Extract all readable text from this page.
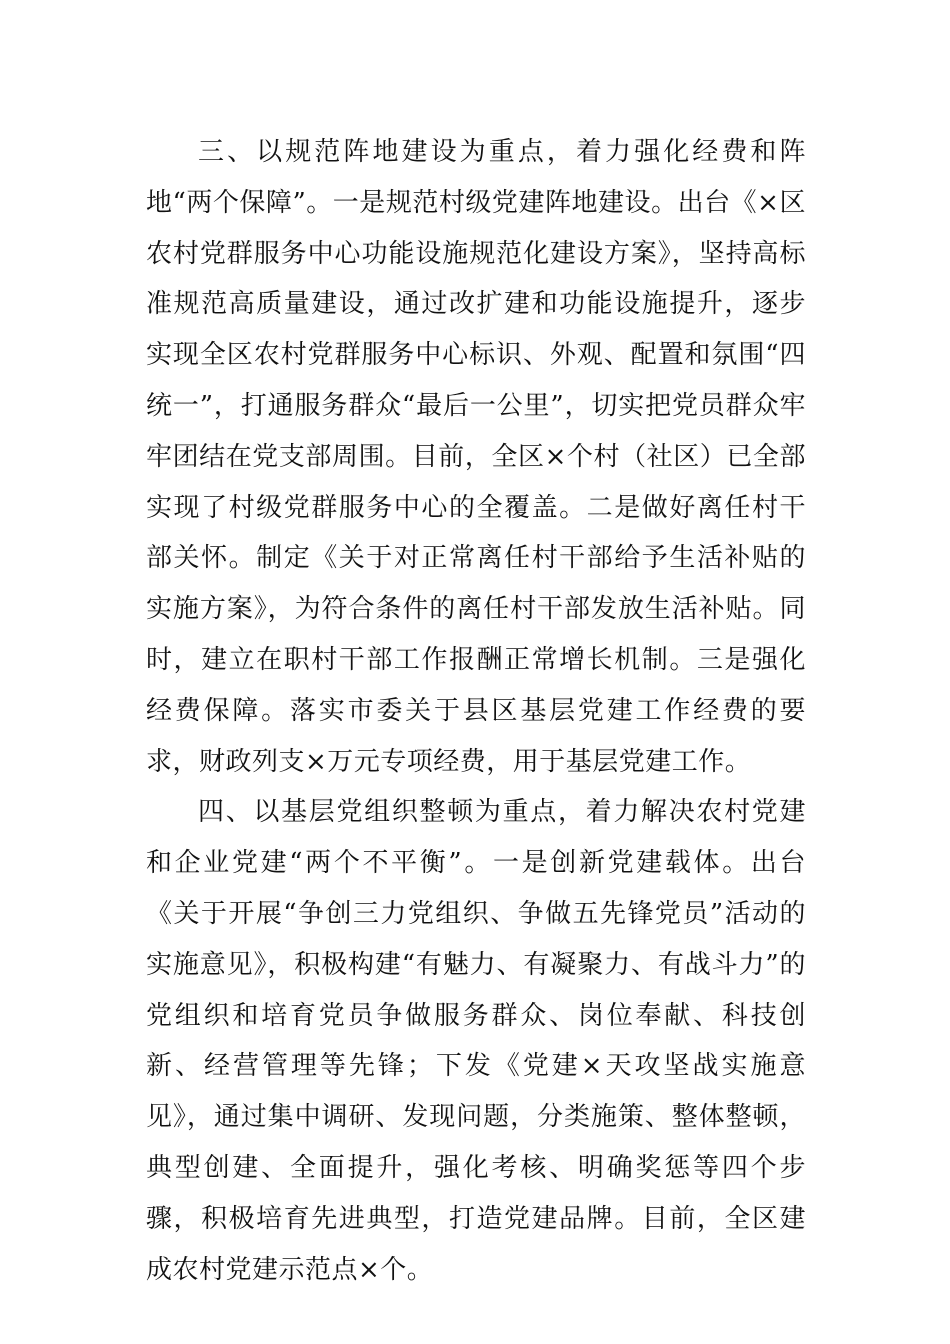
三、以规范阵地建设为重点，着力强化经费和阵地“两个保障”。一是规范村级党建阵地建设。出台《×区农村党群服务中心功能设施规范化建设方案》，坚持高标准规范高质量建设，通过改扩建和功能设施提升，逐步实现全区农村党群服务中心标识、外观、配置和氛围“四统一”，打通服务群众“最后一公里”，切实把党员群众牢牢团结在党支部周围。目前，全区×个村（社区）已全部实现了村级党群服务中心的全覆盖。二是做好离任村干部关怀。制定《关于对正常离任村干部给予生活补贴的实施方案》，为符合条件的离任村干部发放生活补贴。同时，建立在职村干部工作报酬正常增长机制。三是强化经费保障。落实市委关于县区基层党建工作经费的要求，财政列支×万元专项经费，用于基层党建工作。

四、以基层党组织整顿为重点，着力解决农村党建和企业党建“两个不平衡”。一是创新党建载体。出台《关于开展“争创三力党组织、争做五先锋党员”活动的实施意见》，积极构建“有魅力、有凝聚力、有战斗力”的党组织和培育党员争做服务群众、岗位奉献、科技创新、经营管理等先锋；下发《党建×天攻坚战实施意见》，通过集中调研、发现问题，分类施策、整体整顿，典型创建、全面提升，强化考核、明确奖惩等四个步骤，积极培育先进典型，打造党建品牌。目前，全区建成农村党建示范点×个。
